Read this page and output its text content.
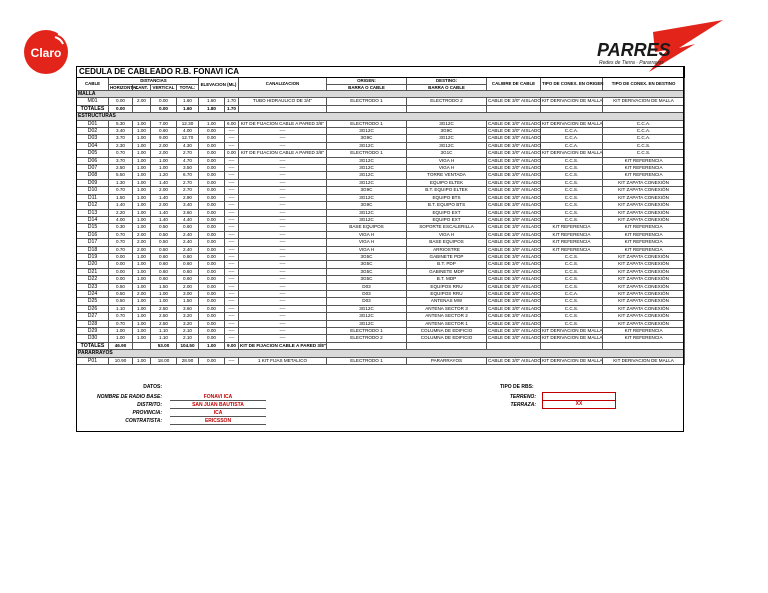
Claro	PARRES
Redes de Tierra · Pararrayos
CEDULA DE CABLEADO R.B. FONAVI ICA												
CABLE	DISTANCIAS				ELEVACION (ML)		CANALIZACION	ORIGEN:	DESTINO:	CALIBRE DE CABLE	TIPO DE CONEX. EN ORIGEN	TIPO DE CONEX. EN DESTINO
	HORIZONTAL	CANT.	VERTICAL	TOTAL:				BARRA O CABLE	BARRA O CABLE			
MALLA												
M01	0.00	2.00	0.00	1.60	1.80	1.70	TUBO HIDRAULICO DE 3/4"	ELECTRODO 1	ELECTRODO 2	CABLE DE 3/0" AISLADO	KIT DERIVACION DE MALLA	KIT DERIVACION DE MALLA
TOTALES	0.00		0.00	1.60	1.80	1.70						
ESTRUCTURAS												
D01	5.30	1.00	7.00	12.30	1.00	6.00	KIT DE FIJACION CABLE A PARED 3/8"	ELECTRODO 1	3G12C	CABLE DE 3/0" AISLADO	KIT DERIVACION DE MALLA	C.C.A.
D02	3.40	1.00	0.60	4.00	0.00	----	----	3G12C	3G9C	CABLE DE 3/0" AISLADO	C.C.A.	C.C.A.
D03	3.70	1.00	9.00	12.70	0.00	----	----	3G9C	3G12C	CABLE DE 3/0" AISLADO	C.C.A.	C.C.A.
D04	2.30	1.00	2.00	4.30	0.00	----	----	3G12C	3G12C	CABLE DE 3/0" AISLADO	C.C.A.	C.C.S.
D05	0.70	1.00	2.00	2.70	0.00	0.00	KIT DE FIJACION CABLE A PARED 3/8"	ELECTRODO 1	3G1C	CABLE DE 3/0" AISLADO	KIT DERIVACION DE MALLA	C.C.S.
D06	3.70	1.00	1.00	4.70	0.00	----	----	3G12C	VIGA H	CABLE DE 3/0" AISLADO	C.C.S.	KIT REFERENCIA
D07	2.50	1.00	1.00	3.50	0.00	----	----	3G12C	VIGA H	CABLE DE 3/0" AISLADO	C.C.S.	KIT REFERENCIA
D08	5.50	1.00	1.20	6.70	0.00	----	----	3G12C	TORRE VENTADA	CABLE DE 3/0" AISLADO	C.C.S.	KIT REFERENCIA
D09	1.30	1.00	1.40	2.70	0.00	----	----	3G12C	EQUIPO ELTEK	CABLE DE 3/0" AISLADO	C.C.S.	KIT ZAPATA CONEXIÓN
D10	0.70	1.00	2.00	2.70	0.00	----	----	3G9C	B.T. EQUIPO ELTEK	CABLE DE 3/0" AISLADO	C.C.S.	KIT ZAPATA CONEXIÓN
D11	1.50	1.00	1.40	2.90	0.00	----	----	3G12C	EQUIPO BTS	CABLE DE 3/0" AISLADO	C.C.S.	KIT ZAPATA CONEXIÓN
D12	1.40	1.00	2.00	3.40	0.00	----	----	3G9C	B.T. EQUIPO BTS	CABLE DE 3/0" AISLADO	C.C.S.	KIT ZAPATA CONEXIÓN
D13	2.20	1.00	1.40	3.60	0.00	----	----	3G12C	EQUIPO EXT	CABLE DE 3/0" AISLADO	C.C.S.	KIT ZAPATA CONEXIÓN
D14	4.00	1.00	1.40	4.40	0.00	----	----	3G12C	EQUIPO EXT	CABLE DE 3/0" AISLADO	C.C.S.	KIT ZAPATA CONEXIÓN
D15	0.30	1.00	0.50	0.60	0.00	----	----	BASE EQUIPOS	SOPORTE ESCALERILLA	CABLE DE 3/0" AISLADO	KIT REFERENCIA	KIT REFERENCIA
D16	0.70	2.00	0.50	2.40	0.00	----	----	VIGA H	VIGA H	CABLE DE 3/0" AISLADO	KIT REFERENCIA	KIT REFERENCIA
D17	0.70	2.00	0.50	2.40	0.00	----	----	VIGA H	BASE EQUIPOS	CABLE DE 3/0" AISLADO	KIT REFERENCIA	KIT REFERENCIA
D18	0.70	2.00	0.50	2.40	0.00	----	----	VIGA H	ARRIOSTRE	CABLE DE 3/0" AISLADO	KIT REFERENCIA	KIT REFERENCIA
D19	0.00	1.00	0.60	0.60	0.00	----	----	3G5C	GABINETE PDP	CABLE DE 3/0" AISLADO	C.C.S.	KIT ZAPATA CONEXIÓN
D20	0.00	1.00	0.60	0.60	0.00	----	----	3G5C	B.T. PDP	CABLE DE 3/0" AISLADO	C.C.S.	KIT ZAPATA CONEXIÓN
D21	0.00	1.00	0.60	0.60	0.00	----	----	3G5C	GABINETE MDP	CABLE DE 3/0" AISLADO	C.C.S.	KIT ZAPATA CONEXIÓN
D22	0.00	1.00	0.60	0.60	0.00	----	----	3G5C	B.T. MDP	CABLE DE 3/0" AISLADO	C.C.S.	KIT ZAPATA CONEXIÓN
D23	0.50	1.00	1.50	2.00	0.00	----	----	D03	EQUIPOS RRU	CABLE DE 3/0" AISLADO	C.C.S.	KIT ZAPATA CONEXIÓN
D24	0.50	2.00	1.00	3.00	0.00	----	----	D03	EQUIPOS RRU	CABLE DE 3/0" AISLADO	C.C.A.	KIT ZAPATA CONEXIÓN
D25	0.50	1.00	1.00	1.50	0.00	----	----	D03	ANTENAS MW	CABLE DE 3/0" AISLADO	C.C.S.	KIT ZAPATA CONEXIÓN
D26	1.10	1.00	2.50	3.60	0.00	----	----	3G12C	ANTENA SECTOR 3	CABLE DE 3/0" AISLADO	C.C.S.	KIT ZAPATA CONEXIÓN
D27	0.70	1.00	2.50	3.20	0.00	----	----	3G12C	ANTENA SECTOR 2	CABLE DE 3/0" AISLADO	C.C.S.	KIT ZAPATA CONEXIÓN
D28	0.70	1.00	2.50	3.20	0.00	----	----	3G12C	ANTENA SECTOR 1	CABLE DE 3/0" AISLADO	C.C.S.	KIT ZAPATA CONEXIÓN
D29	1.00	1.00	1.10	2.10	0.00	----	----	ELECTRODO 1	COLUMNA DE EDIFICIO	CABLE DE 3/0" AISLADO	KIT DERIVACION DE MALLA	KIT REFERENCIA
D30	1.00	1.00	1.10	2.10	0.00	----	----	ELECTRODO 2	COLUMNA DE EDIFICIO	CABLE DE 3/0" AISLADO	KIT DERIVACION DE MALLA	KIT REFERENCIA
TOTALES	46.90		53.00	104.50	1.00	9.00	KIT DE FIJACION CABLE A PARED 3/8"					
PARARRAYOS												
P01	10.90	1.00	18.00	28.90	0.00	----	1 KIT FIJAS METALICO	ELECTRODO 1	PARARRAYOS	CABLE DE 3/0" AISLADO	KIT DERIVACION DE MALLA	KIT DERIVACION DE MALLA
DATOS:
NOMBRE DE RADIO BASE:	FONAVI ICA
DISTRITO:	SAN JUAN BAUTISTA
PROVINCIA:	ICA
CONTRATISTA:	ERICSSON
TIPO DE RBS:
TERRENO:
TERRAZA:	XX
